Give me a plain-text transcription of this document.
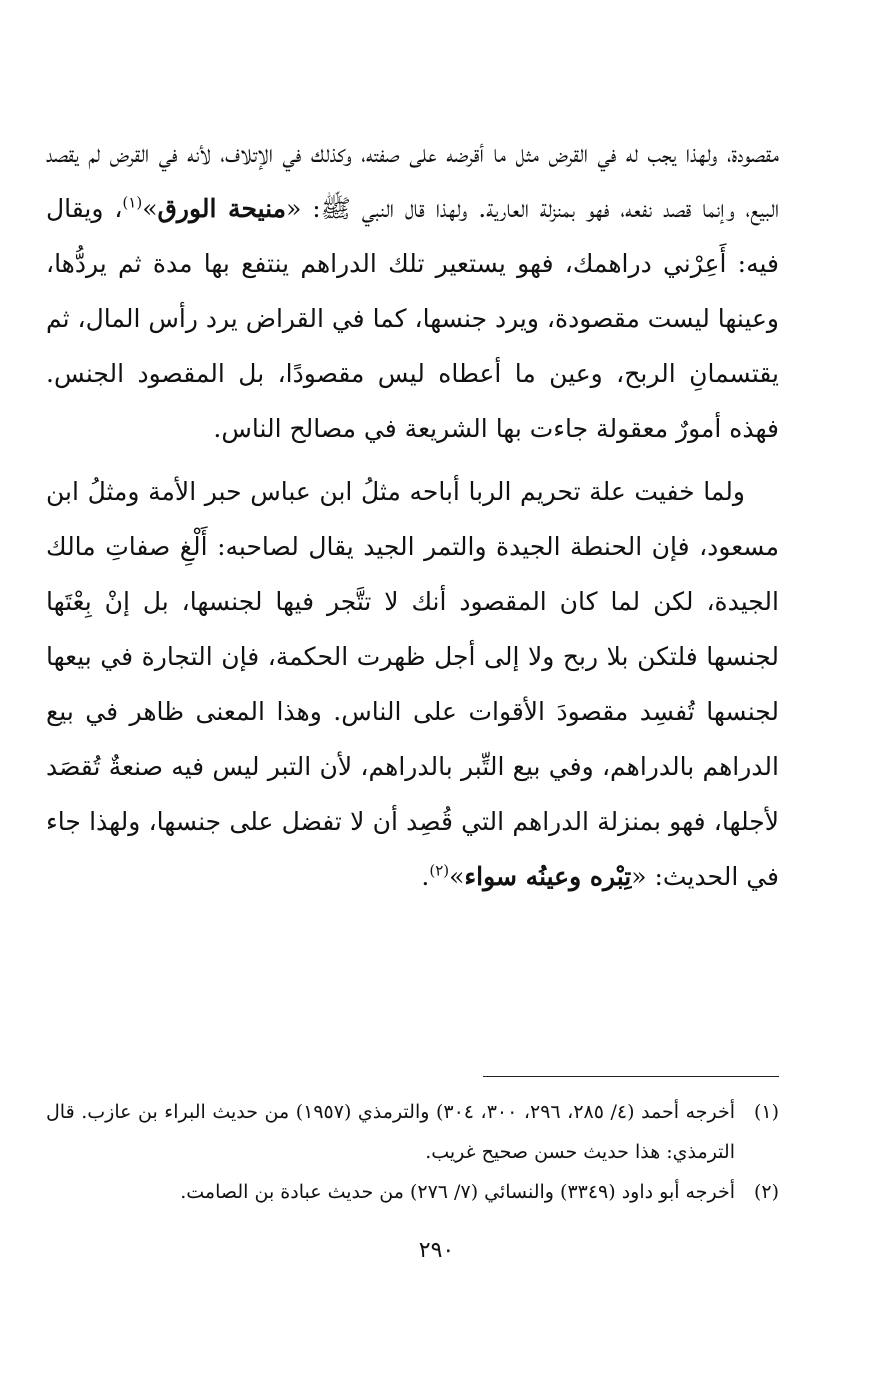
مقصودة، ولهذا يجب له في القرض مثل ما أقرضه على صفته، وكذلك في الإتلاف، لأنه في القرض لم يقصد البيع، وإنما قصد نفعه، فهو بمنزلة العارية. ولهذا قال النبي ﷺ: «منيحة الورق»$^{(١)}$، ويقال فيه: أَعِرْني دراهمك، فهو يستعير تلك الدراهم ينتفع بها مدة ثم يردُّها، وعينها ليست مقصودة، ويرد جنسها، كما في القراض يرد رأس المال، ثم يقتسمانِ الربح، وعين ما أعطاه ليس مقصودًا، بل المقصود الجنس. فهذه أمورٌ معقولة جاءت بها الشريعة في مصالح الناس.

ولما خفيت علة تحريم الربا أباحه مثلُ ابن عباس حبر الأمة ومثلُ ابن مسعود، فإن الحنطة الجيدة والتمر الجيد يقال لصاحبه: أَلْغِ صفاتِ مالك الجيدة، لكن لما كان المقصود أنك لا تتَّجر فيها لجنسها، بل إنْ بِعْتَها لجنسها فلتكن بلا ربح ولا إلى أجل ظهرت الحكمة، فإن التجارة في بيعها لجنسها تُفسِد مقصودَ الأقوات على الناس. وهذا المعنى ظاهر في بيع الدراهم بالدراهم، وفي بيع التِّبر بالدراهم، لأن التبر ليس فيه صنعةٌ تُقصَد لأجلها، فهو بمنزلة الدراهم التي قُصِد أن لا تفضل على جنسها، ولهذا جاء في الحديث: «تِبْره وعينُه سواء»$^{(٢)}$.

(١)
أخرجه أحمد (٤/ ٢٨٥، ٢٩٦، ٣٠٠، ٣٠٤) والترمذي (١٩٥٧) من حديث البراء بن عازب. قال الترمذي: هذا حديث حسن صحيح غريب.

(٢)
أخرجه أبو داود (٣٣٤٩) والنسائي (٧/ ٢٧٦) من حديث عبادة بن الصامت.

٢٩٠
